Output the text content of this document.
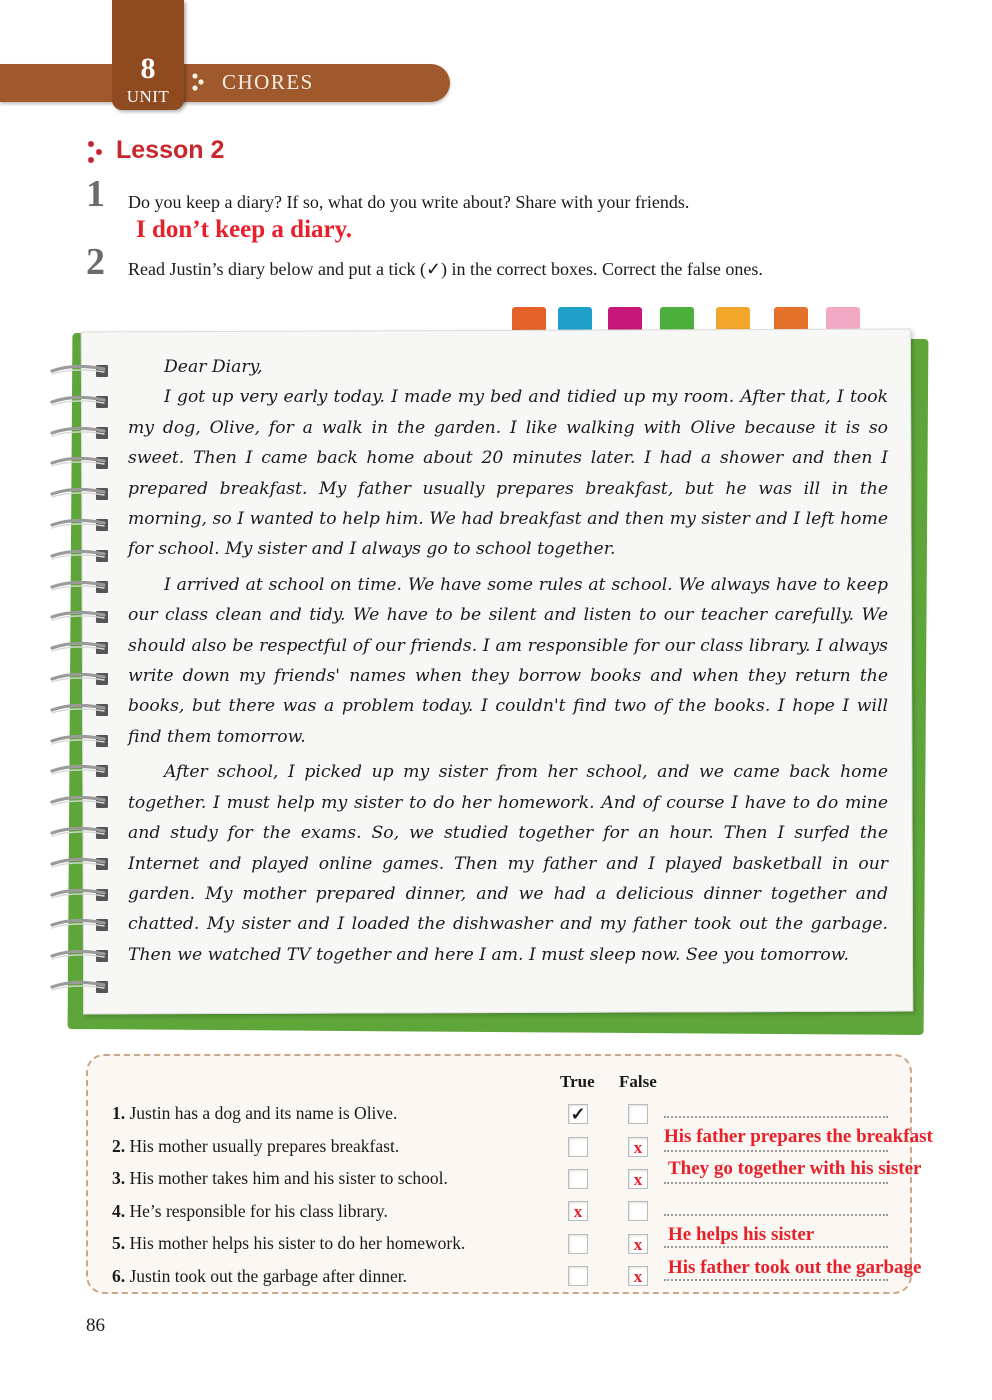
8
UNIT
CHORES
Lesson 2
1 Do you keep a diary? If so, what do you write about? Share with your friends.
I don’t keep a diary.
2 Read Justin’s diary below and put a tick (✓) in the correct boxes. Correct the false ones.

Dear Diary,

I got up very early today. I made my bed and tidied up my room. After that, I took my dog, Olive, for a walk in the garden. I like walking with Olive because it is so sweet. Then I came back home about 20 minutes later. I had a shower and then I prepared breakfast. My father usually prepares breakfast, but he was ill in the morning, so I wanted to help him. We had breakfast and then my sister and I left home for school. My sister and I always go to school together.

I arrived at school on time. We have some rules at school. We always have to keep our class clean and tidy. We have to be silent and listen to our teacher carefully. We should also be respectful of our friends. I am responsible for our class library. I always write down my friends' names when they borrow books and when they return the books, but there was a problem today. I couldn't find two of the books. I hope I will find them tomorrow.

After school, I picked up my sister from her school, and we came back home together. I must help my sister to do her homework. And of course I have to do mine and study for the exams. So, we studied together for an hour. Then I surfed the Internet and played online games. Then my father and I played basketball in our garden. My mother prepared dinner, and we had a delicious dinner together and chatted. My sister and I loaded the dishwasher and my father took out the garbage. Then we watched TV together and here I am. I must sleep now. See you tomorrow.

True False
1. Justin has a dog and its name is Olive.
2. His mother usually prepares breakfast.
3. His mother takes him and his sister to school.
4. He’s responsible for his class library.
5. His mother helps his sister to do her homework.
6. Justin took out the garbage after dinner.
✓
x
x
x
x
x
His father prepares the breakfast
They go together with his sister
He helps his sister
His father took out the garbage
86
